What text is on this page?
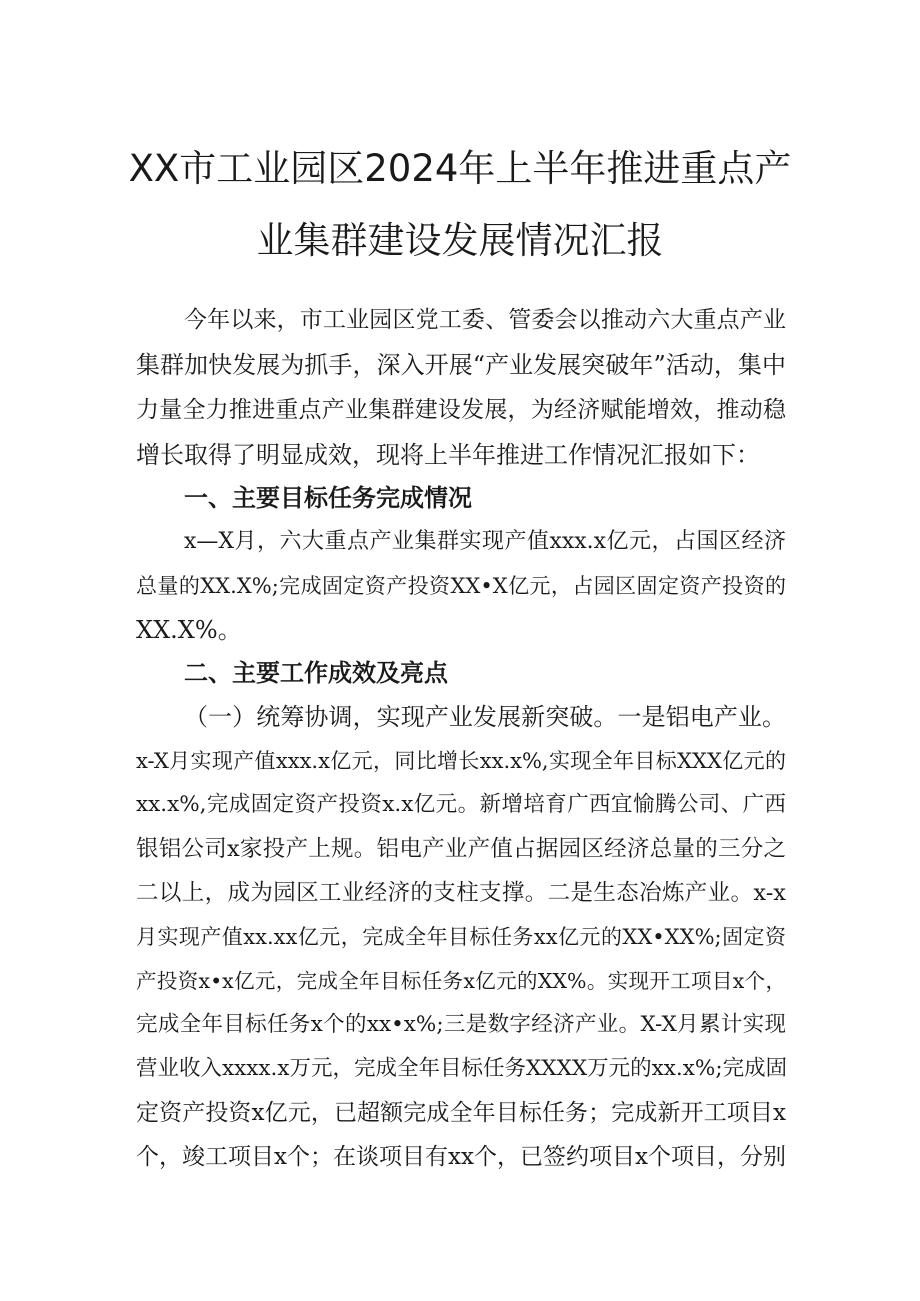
XX市工业园区2024年上半年推进重点产
业集群建设发展情况汇报
今年以来，市工业园区党工委、管委会以推动六大重点产业
集群加快发展为抓手，深入开展“产业发展突破年”活动，集中
力量全力推进重点产业集群建设发展，为经济赋能增效，推动稳
增长取得了明显成效，现将上半年推进工作情况汇报如下：
一、主要目标任务完成情况
x—X月，六大重点产业集群实现产值xxx.x亿元，占国区经济
总量的XX.X%;完成固定资产投资XX•X亿元，占园区固定资产投资的
XX.X%。
二、主要工作成效及亮点
（一）统筹协调，实现产业发展新突破。一是铝电产业。
x-X月实现产值xxx.x亿元，同比增长xx.x%,实现全年目标XXX亿元的
xx.x%,完成固定资产投资x.x亿元。新增培育广西宜愉腾公司、广西
银铝公司x家投产上规。铝电产业产值占据园区经济总量的三分之
二以上，成为园区工业经济的支柱支撑。二是生态冶炼产业。x-x
月实现产值xx.xx亿元，完成全年目标任务xx亿元的XX•XX%;固定资
产投资x•x亿元，完成全年目标任务x亿元的XX%。实现开工项目x个，
完成全年目标任务x个的xx•x%;三是数字经济产业。X-X月累计实现
营业收入xxxx.x万元，完成全年目标任务XXXX万元的xx.x%;完成固
定资产投资x亿元，已超额完成全年目标任务；完成新开工项目x
个，竣工项目x个；在谈项目有xx个，已签约项目x个项目，分别
